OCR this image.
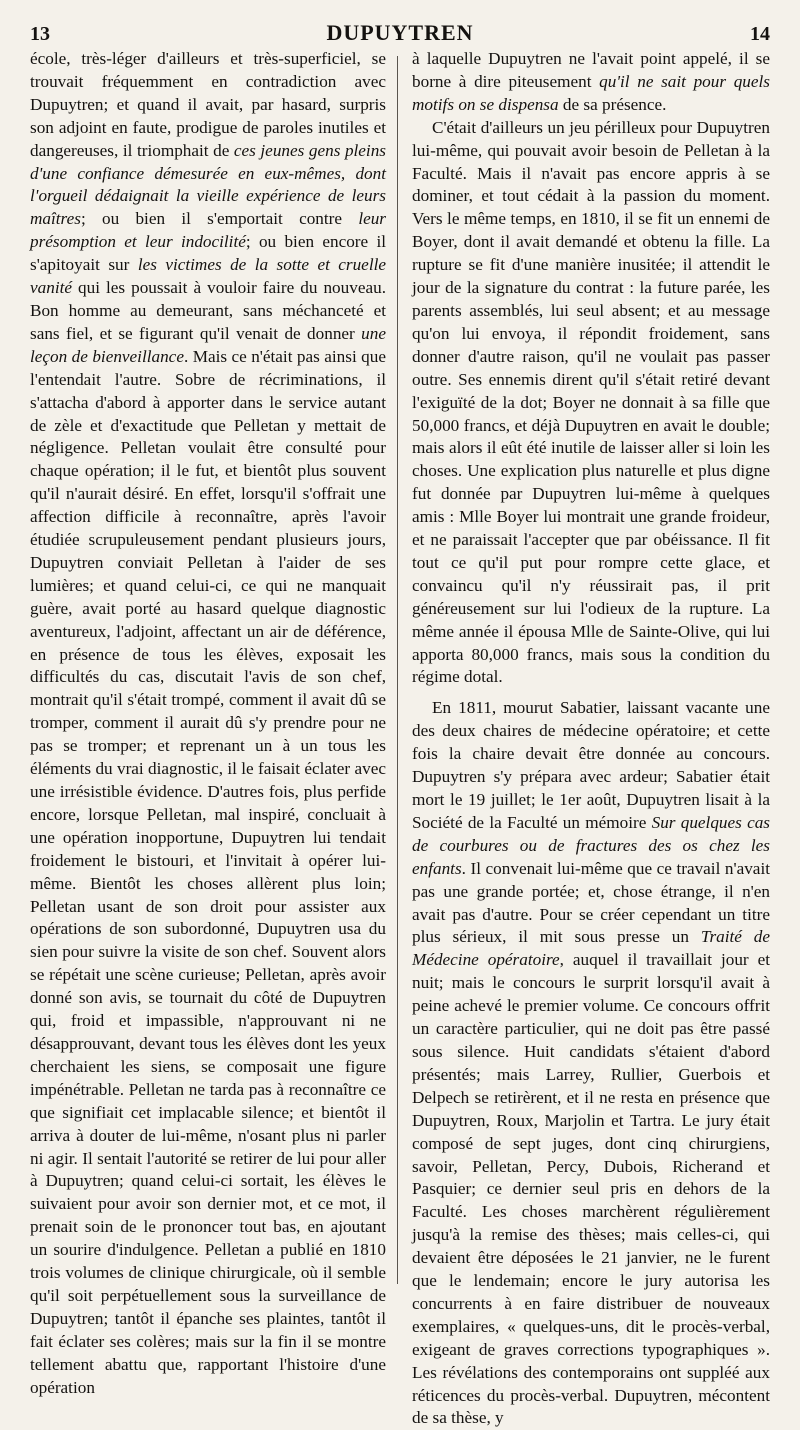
13	DUPUYTREN	14

école, très-léger d'ailleurs et très-superficiel, se trouvait fréquemment en contradiction avec Dupuytren; et quand il avait, par hasard, surpris son adjoint en faute, prodigue de paroles inutiles et dangereuses, il triomphait de ces jeunes gens pleins d'une confiance démesurée en eux-mêmes, dont l'orgueil dédaignait la vieille expérience de leurs maîtres; ou bien il s'emportait contre leur présomption et leur indocilité; ou bien encore il s'apitoyait sur les victimes de la sotte et cruelle vanité qui les poussait à vouloir faire du nouveau. Bon homme au demeurant, sans méchanceté et sans fiel, et se figurant qu'il venait de donner une leçon de bienveillance. Mais ce n'était pas ainsi que l'entendait l'autre. Sobre de récriminations, il s'attacha d'abord à apporter dans le service autant de zèle et d'exactitude que Pelletan y mettait de négligence. Pelletan voulait être consulté pour chaque opération; il le fut, et bientôt plus souvent qu'il n'aurait désiré. En effet, lorsqu'il s'offrait une affection difficile à reconnaître, après l'avoir étudiée scrupuleusement pendant plusieurs jours, Dupuytren conviait Pelletan à l'aider de ses lumières; et quand celui-ci, ce qui ne manquait guère, avait porté au hasard quelque diagnostic aventureux, l'adjoint, affectant un air de déférence, en présence de tous les élèves, exposait les difficultés du cas, discutait l'avis de son chef, montrait qu'il s'était trompé, comment il avait dû se tromper, comment il aurait dû s'y prendre pour ne pas se tromper; et reprenant un à un tous les éléments du vrai diagnostic, il le faisait éclater avec une irrésistible évidence. D'autres fois, plus perfide encore, lorsque Pelletan, mal inspiré, concluait à une opération inopportune, Dupuytren lui tendait froidement le bistouri, et l'invitait à opérer lui-même. Bientôt les choses allèrent plus loin; Pelletan usant de son droit pour assister aux opérations de son subordonné, Dupuytren usa du sien pour suivre la visite de son chef. Souvent alors se répétait une scène curieuse; Pelletan, après avoir donné son avis, se tournait du côté de Dupuytren qui, froid et impassible, n'approuvant ni ne désapprouvant, devant tous les élèves dont les yeux cherchaient les siens, se composait une figure impénétrable. Pelletan ne tarda pas à reconnaître ce que signifiait cet implacable silence; et bientôt il arriva à douter de lui-même, n'osant plus ni parler ni agir. Il sentait l'autorité se retirer de lui pour aller à Dupuytren; quand celui-ci sortait, les élèves le suivaient pour avoir son dernier mot, et ce mot, il prenait soin de le prononcer tout bas, en ajoutant un sourire d'indulgence. Pelletan a publié en 1810 trois volumes de clinique chirurgicale, où il semble qu'il soit perpétuellement sous la surveillance de Dupuytren; tantôt il épanche ses plaintes, tantôt il fait éclater ses colères; mais sur la fin il se montre tellement abattu que, rapportant l'histoire d'une opération

à laquelle Dupuytren ne l'avait point appelé, il se borne à dire piteusement qu'il ne sait pour quels motifs on se dispensa de sa présence.

C'était d'ailleurs un jeu périlleux pour Dupuytren lui-même, qui pouvait avoir besoin de Pelletan à la Faculté. Mais il n'avait pas encore appris à se dominer, et tout cédait à la passion du moment. Vers le même temps, en 1810, il se fit un ennemi de Boyer, dont il avait demandé et obtenu la fille. La rupture se fit d'une manière inusitée; il attendit le jour de la signature du contrat : la future parée, les parents assemblés, lui seul absent; et au message qu'on lui envoya, il répondit froidement, sans donner d'autre raison, qu'il ne voulait pas passer outre. Ses ennemis dirent qu'il s'était retiré devant l'exiguïté de la dot; Boyer ne donnait à sa fille que 50,000 francs, et déjà Dupuytren en avait le double; mais alors il eût été inutile de laisser aller si loin les choses. Une explication plus naturelle et plus digne fut donnée par Dupuytren lui-même à quelques amis : Mlle Boyer lui montrait une grande froideur, et ne paraissait l'accepter que par obéissance. Il fit tout ce qu'il put pour rompre cette glace, et convaincu qu'il n'y réussirait pas, il prit généreusement sur lui l'odieux de la rupture. La même année il épousa Mlle de Sainte-Olive, qui lui apporta 80,000 francs, mais sous la condition du régime dotal.

En 1811, mourut Sabatier, laissant vacante une des deux chaires de médecine opératoire; et cette fois la chaire devait être donnée au concours. Dupuytren s'y prépara avec ardeur; Sabatier était mort le 19 juillet; le 1er août, Dupuytren lisait à la Société de la Faculté un mémoire Sur quelques cas de courbures ou de fractures des os chez les enfants. Il convenait lui-même que ce travail n'avait pas une grande portée; et, chose étrange, il n'en avait pas d'autre. Pour se créer cependant un titre plus sérieux, il mit sous presse un Traité de Médecine opératoire, auquel il travaillait jour et nuit; mais le concours le surprit lorsqu'il avait à peine achevé le premier volume. Ce concours offrit un caractère particulier, qui ne doit pas être passé sous silence. Huit candidats s'étaient d'abord présentés; mais Larrey, Rullier, Guerbois et Delpech se retirèrent, et il ne resta en présence que Dupuytren, Roux, Marjolin et Tartra. Le jury était composé de sept juges, dont cinq chirurgiens, savoir, Pelletan, Percy, Dubois, Richerand et Pasquier; ce dernier seul pris en dehors de la Faculté. Les choses marchèrent régulièrement jusqu'à la remise des thèses; mais celles-ci, qui devaient être déposées le 21 janvier, ne le furent que le lendemain; encore le jury autorisa les concurrents à en faire distribuer de nouveaux exemplaires, « quelques-uns, dit le procès-verbal, exigeant de graves corrections typographiques ». Les révélations des contemporains ont suppléé aux réticences du procès-verbal. Dupuytren, mécontent de sa thèse, y
